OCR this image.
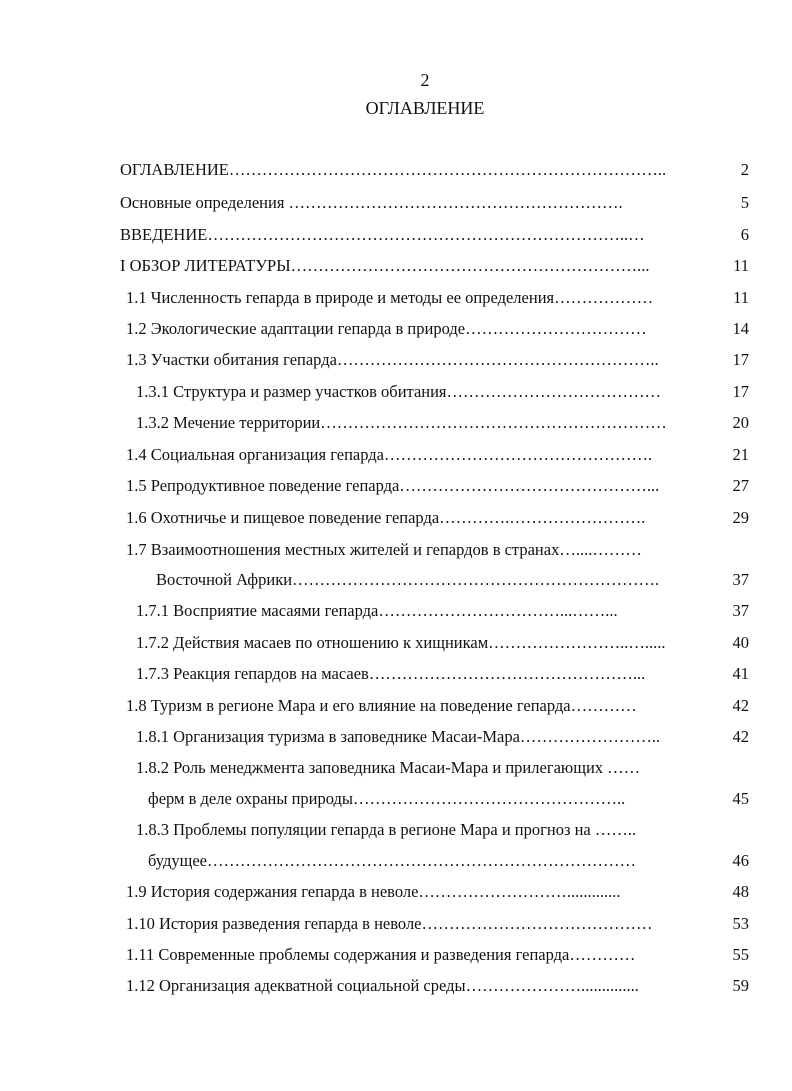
2
ОГЛАВЛЕНИЕ
ОГЛАВЛЕНИЕ……………………………………………………………………..	2
Основные определения …………………………………………………….	5
ВВЕДЕНИЕ…………………………………………………………………..…	6
I ОБЗОР ЛИТЕРАТУРЫ………………………………………………………...	11
1.1 Численность гепарда в природе и методы ее определения………………	11
1.2 Экологические адаптации гепарда в природе……………………………	14
1.3 Участки обитания гепарда…………………………………………………..	17
1.3.1 Структура и размер участков обитания…………………………………	17
1.3.2 Мечение территории………………………………………………………	20
1.4 Социальная организация гепарда………………………………………….	21
1.5 Репродуктивное поведение гепарда………………………………………...	27
1.6 Охотничье и пищевое поведение гепарда………….…………………….	29
1.7 Взаимоотношения местных жителей и гепардов в странах…....………
Восточной Африки………………………………………………………….	37
1.7.1 Восприятие масаями гепарда……………………………...……...	37
1.7.2 Действия масаев по отношению к хищникам……………………..….....	40
1.7.3 Реакция гепардов на масаев…………………………………………...	41
1.8 Туризм в регионе Мара и его влияние на поведение гепарда…………	42
1.8.1 Организация туризма в заповеднике Масаи-Мара……………………..	42
1.8.2 Роль менеджмента заповедника Масаи-Мара и прилегающих ……
ферм в деле охраны природы…………………………………………..	45
1.8.3 Проблемы популяции гепарда в регионе Мара и прогноз на ……..
будущее……………………………………………………………………	46
1.9 История содержания гепарда в неволе……………………….............	48
1.10 История разведения гепарда в неволе……………………………………	53
1.11 Современные проблемы содержания и разведения гепарда…………	55
1.12 Организация адекватной социальной среды…………………..............	59
